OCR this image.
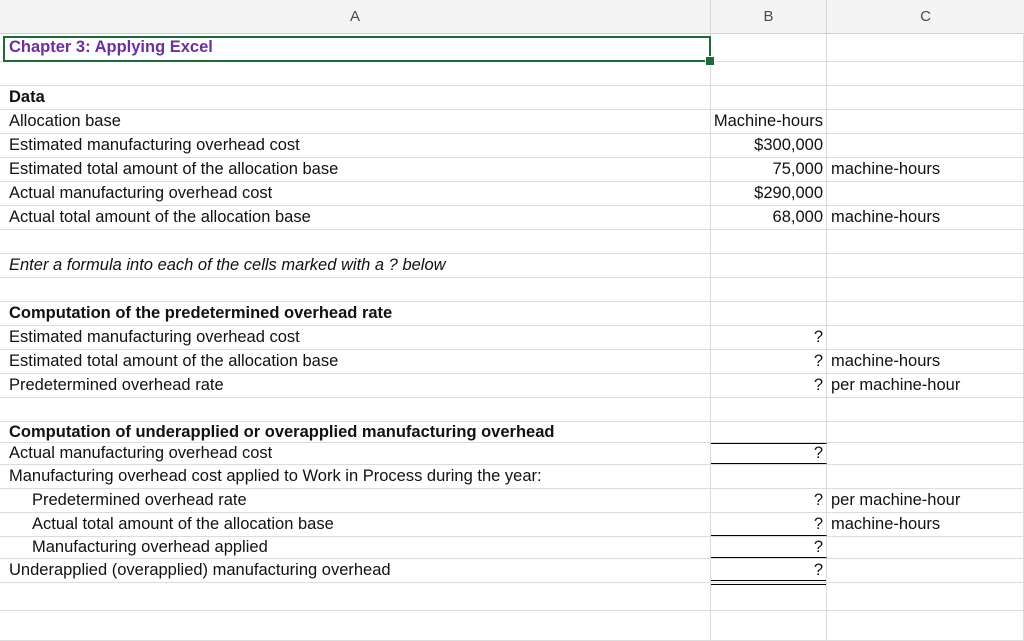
A	B	C
Chapter 3: Applying Excel
Data
Allocation base	Machine-hours
Estimated manufacturing overhead cost	$300,000
Estimated total amount of the allocation base	75,000 machine-hours
Actual manufacturing overhead cost	$290,000
Actual total amount of the allocation base	68,000 machine-hours
Enter a formula into each of the cells marked with a ? below
Computation of the predetermined overhead rate
Estimated manufacturing overhead cost	?
Estimated total amount of the allocation base	? machine-hours
Predetermined overhead rate	? per machine-hour
Computation of underapplied or overapplied manufacturing overhead
Actual manufacturing overhead cost	?
Manufacturing overhead cost applied to Work in Process during the year:
Predetermined overhead rate	? per machine-hour
Actual total amount of the allocation base	? machine-hours
Manufacturing overhead applied	?
Underapplied (overapplied) manufacturing overhead	?
